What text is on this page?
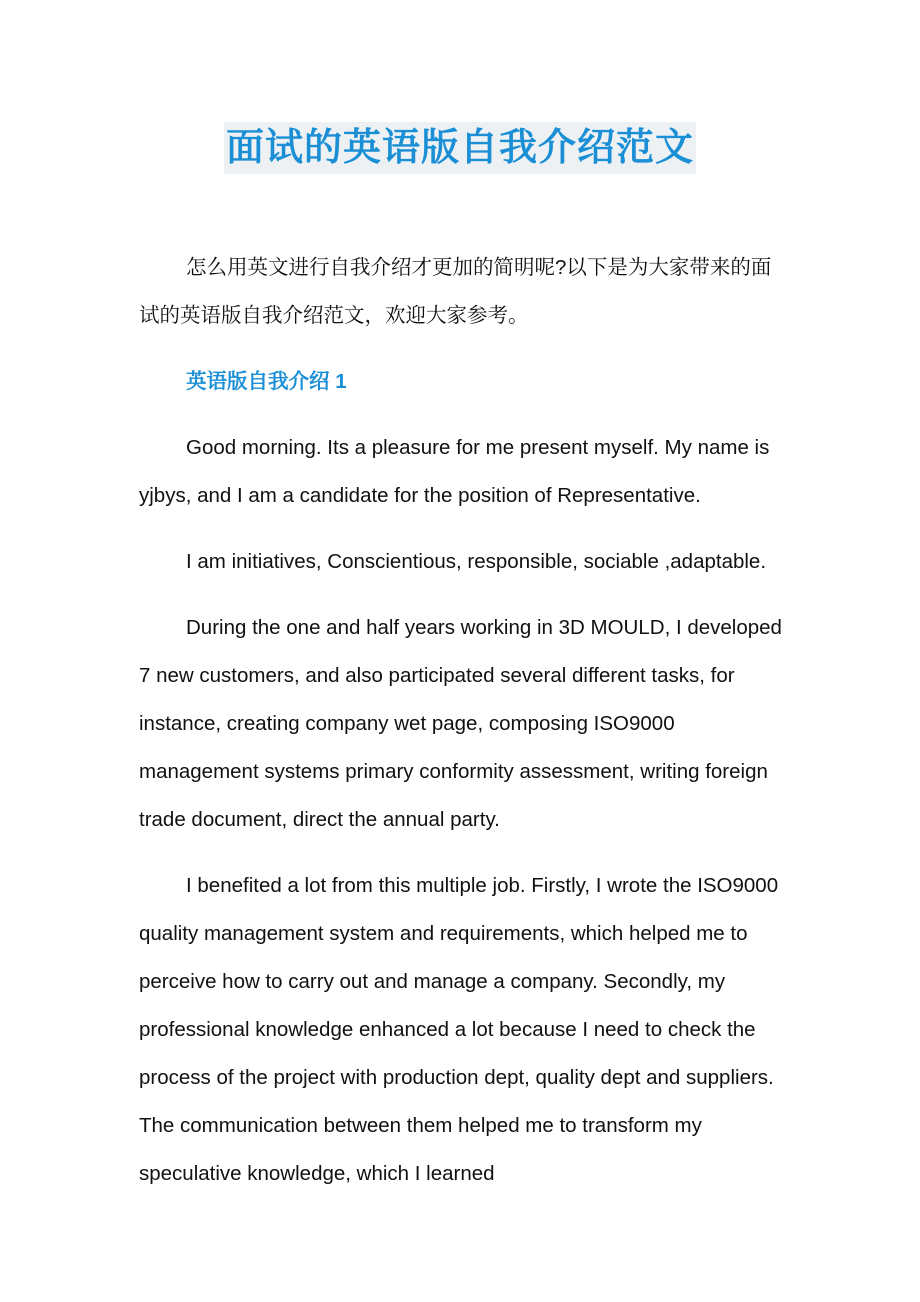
面试的英语版自我介绍范文

怎么用英文进行自我介绍才更加的简明呢?以下是为大家带来的面试的英语版自我介绍范文，欢迎大家参考。

英语版自我介绍 1

Good morning. Its a pleasure for me present myself. My name is yjbys, and I am a candidate for the position of Representative.

I am initiatives, Conscientious, responsible, sociable ,adaptable.

During the one and half years working in 3D MOULD, I developed 7 new customers, and also participated several different tasks, for instance, creating company wet page, composing ISO9000 management systems primary conformity assessment, writing foreign trade document, direct the annual party.

I benefited a lot from this multiple job. Firstly, I wrote the ISO9000 quality management system and requirements, which helped me to perceive how to carry out and manage a company. Secondly, my professional knowledge enhanced a lot because I need to check the process of the project with production dept, quality dept and suppliers. The communication between them helped me to transform my speculative knowledge, which I learned
